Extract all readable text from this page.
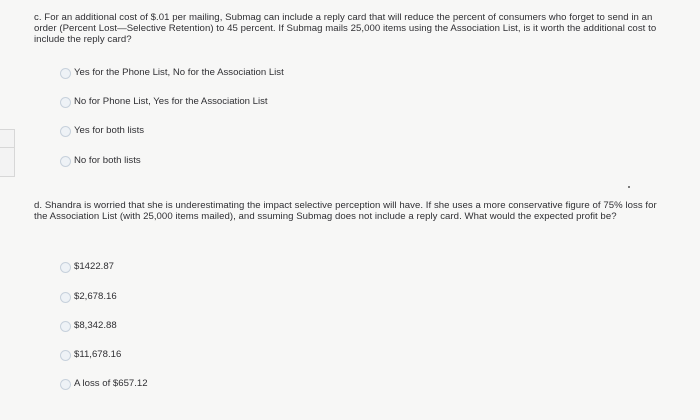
c. For an additional cost of $.01 per mailing, Submag can include a reply card that will reduce the percent of consumers who forget to send in an order (Percent Lost—Selective Retention) to 45 percent. If Submag mails 25,000 items using the Association List, is it worth the additional cost to include the reply card?
Yes for the Phone List, No for the Association List
No for Phone List, Yes for the Association List
Yes for both lists
No for both lists
d. Shandra is worried that she is underestimating the impact selective perception will have. If she uses a more conservative figure of 75% loss for the Association List (with 25,000 items mailed), and ssuming Submag does not include a reply card. What would the expected profit be?
$1422.87
$2,678.16
$8,342.88
$11,678.16
A loss of $657.12
